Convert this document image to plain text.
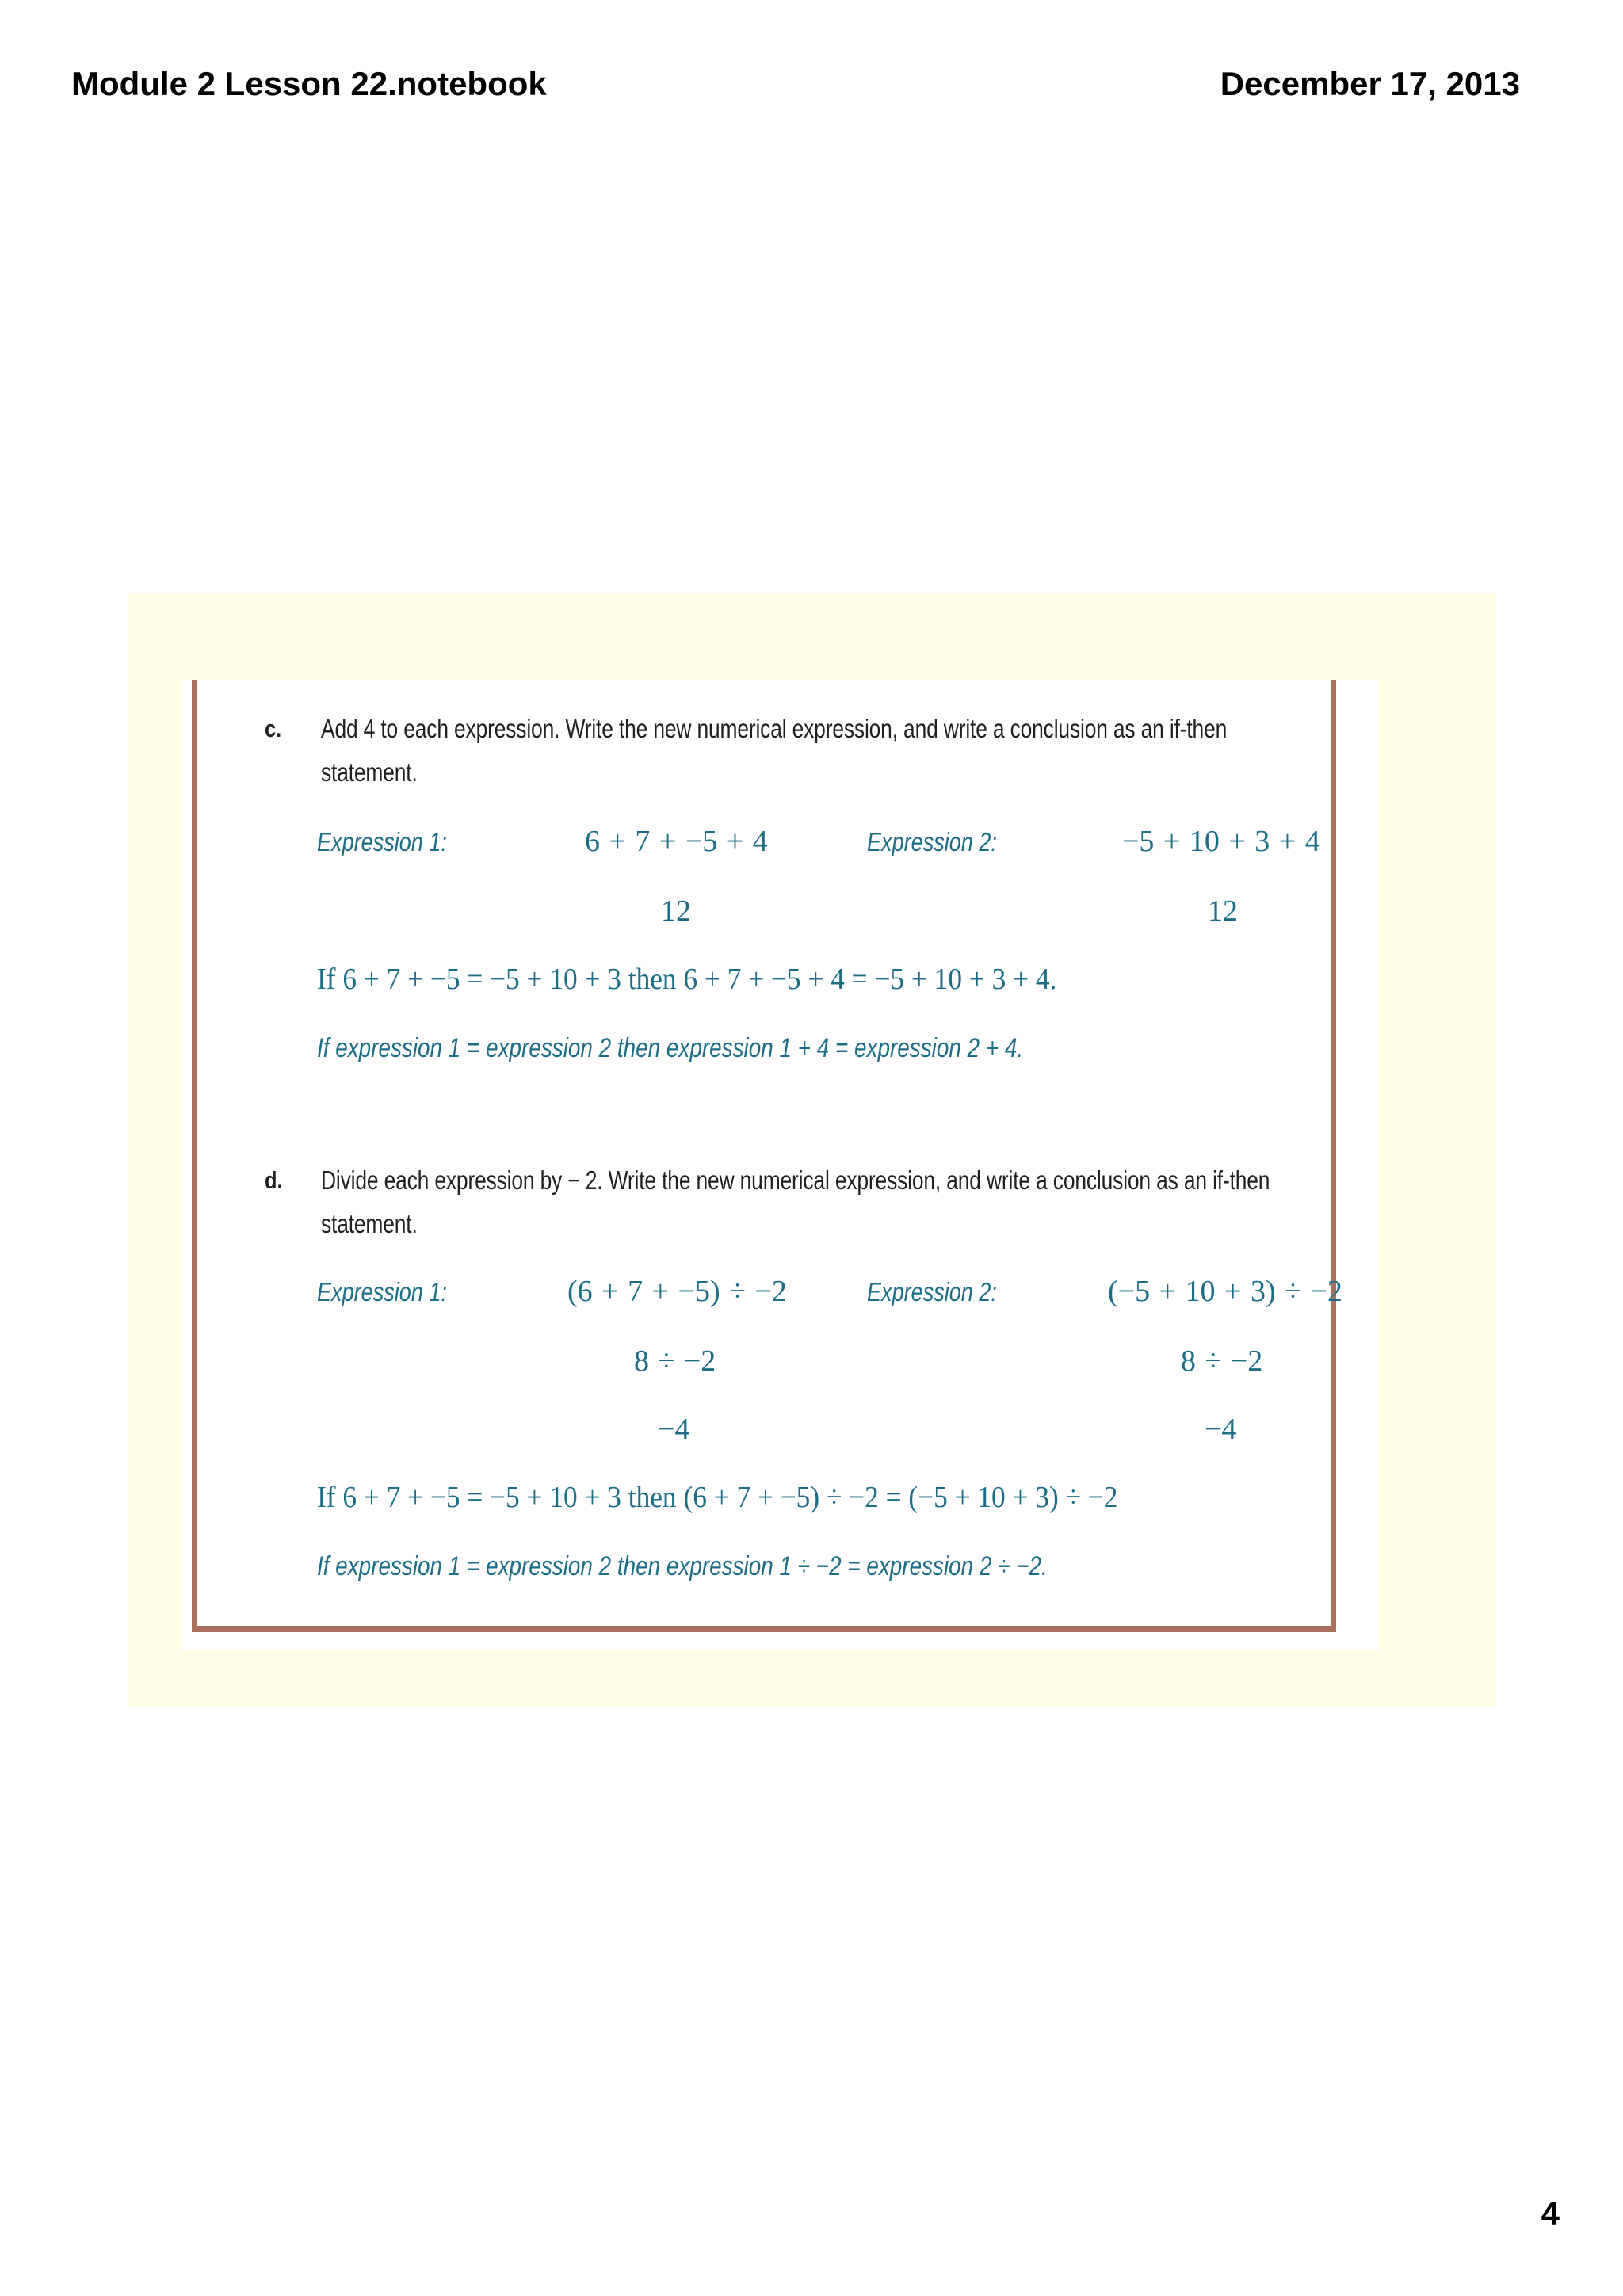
Module 2 Lesson 22.notebook	December 17, 2013
c. Add 4 to each expression. Write the new numerical expression, and write a conclusion as an if-then
statement.
Expression 1:	6 + 7 + −5 + 4
12
Expression 2:	−5 + 10 + 3 + 4
12
If 6 + 7 + −5 = −5 + 10 + 3 then 6 + 7 + −5 + 4 = −5 + 10 + 3 + 4.
If expression 1 = expression 2 then expression 1 + 4 = expression 2 + 4.
d. Divide each expression by − 2. Write the new numerical expression, and write a conclusion as an if-then
statement.
Expression 1:	(6 + 7 + −5) ÷ −2
8 ÷ −2
−4
Expression 2:	(−5 + 10 + 3) ÷ −2
8 ÷ −2
−4
If 6 + 7 + −5 = −5 + 10 + 3 then (6 + 7 + −5) ÷ −2 = (−5 + 10 + 3) ÷ −2
If expression 1 = expression 2 then expression 1 ÷ −2 = expression 2 ÷ −2.
4
